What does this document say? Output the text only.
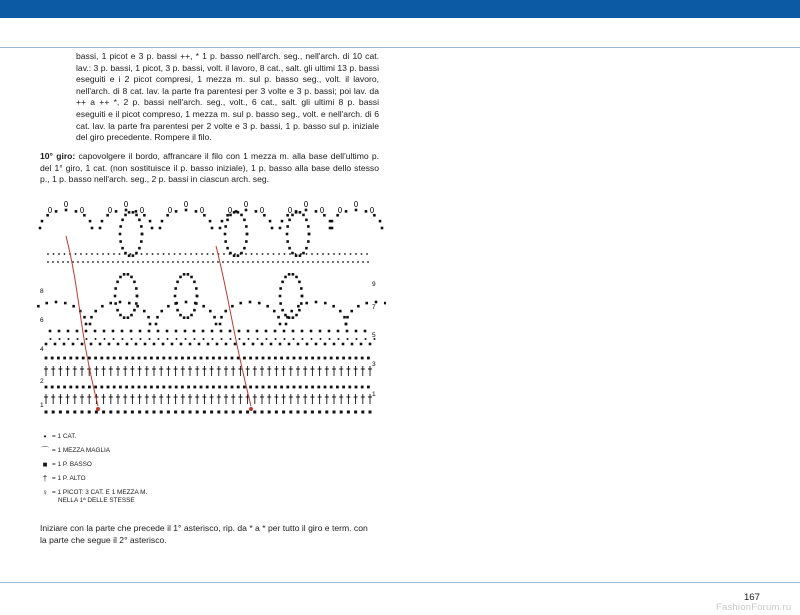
bassi, 1 picot e 3 p. bassi ++, * 1 p. basso nell'arch. seg., nell'arch. di 10 cat. lav.: 3 p. bassi, 1 picot, 3 p. bassi, volt. il lavoro, 8 cat., salt. gli ultimi 13 p. bassi eseguiti e i 2 picot compresi, 1 mezza m. sul p. basso seg., volt. il lavoro, nell'arch. di 8 cat. lav. la parte fra parentesi per 3 volte e 3 p. bassi; poi lav. da ++ a ++ *, 2 p. bassi nell'arch. seg., volt., 6 cat., salt. gli ultimi 8 p. bassi eseguiti e il picot compreso, 1 mezza m. sul p. basso seg., volt. e nell'arch. di 6 cat. lav. la parte fra parentesi per 2 volte e 3 p. bassi, 1 p. basso sul p. iniziale del giro precedente. Rompere il filo.

10° giro: capovolgere il bordo, affrancare il filo con 1 mezza m. alla base dell'ultimo p. del 1° giro, 1 cat. (non sostituisce il p. basso iniziale), 1 p. basso alla base dello stesso p., 1 p. basso nell'arch. seg., 2 p. bassi in ciascun arch. seg.
8
6
4
2
1
9
7
5
3
1
• = 1 CAT.
⌒ = 1 MEZZA MAGLIA
■ = 1 P. BASSO
† = 1 P. ALTO
♀ = 1 PICOT: 3 CAT. E 1 MEZZA M.
NELLA 1ª DELLE STESSE
Iniziare con la parte che precede il 1° asterisco, rip. da * a * per tutto il giro e term. con la parte che segue il 2° asterisco.
167
FashionForum.ru
